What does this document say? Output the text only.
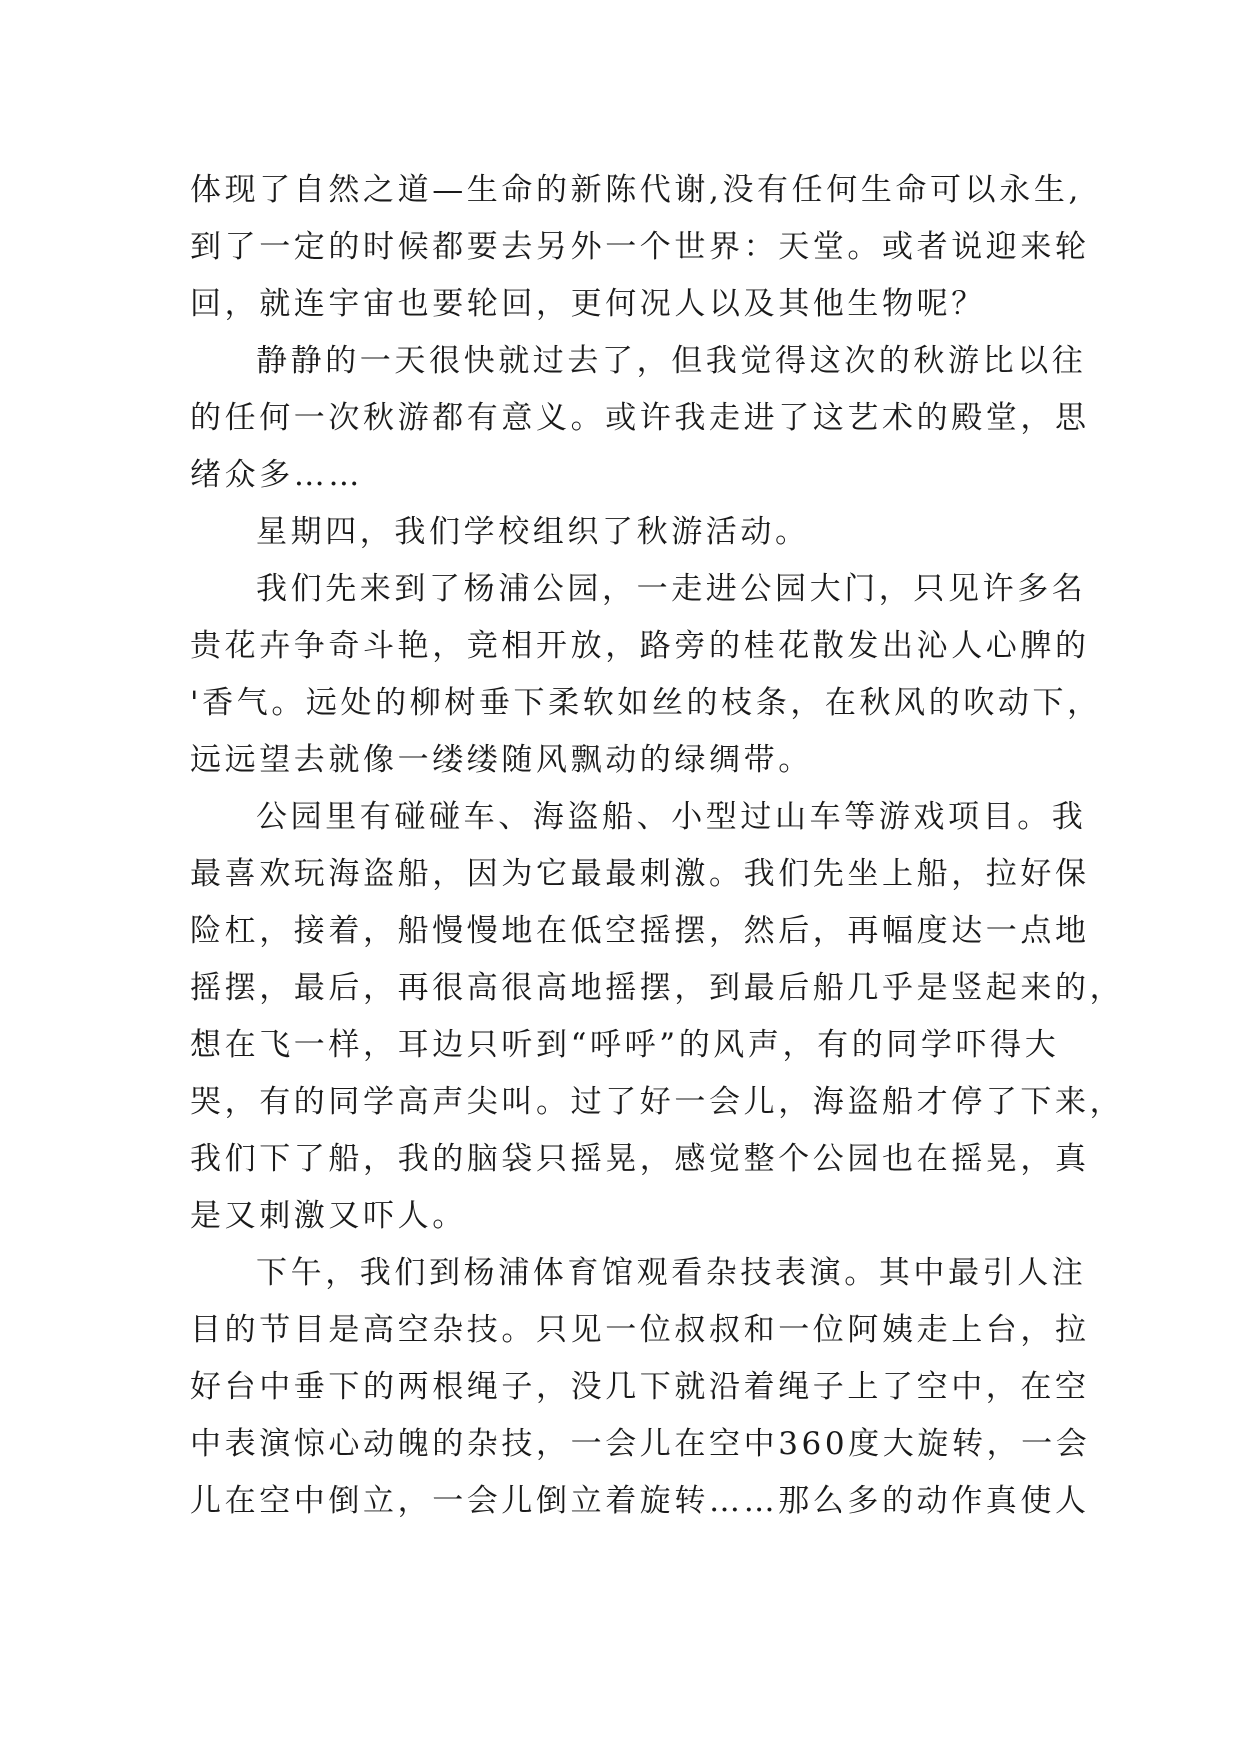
体现了自然之道—生命的新陈代谢,没有任何生命可以永生,
到了一定的时候都要去另外一个世界：天堂。或者说迎来轮
回，就连宇宙也要轮回，更何况人以及其他生物呢？
静静的一天很快就过去了，但我觉得这次的秋游比以往
的任何一次秋游都有意义。或许我走进了这艺术的殿堂，思
绪众多……
星期四，我们学校组织了秋游活动。
我们先来到了杨浦公园，一走进公园大门，只见许多名
贵花卉争奇斗艳，竞相开放，路旁的桂花散发出沁人心脾的
'香气。远处的柳树垂下柔软如丝的枝条，在秋风的吹动下，
远远望去就像一缕缕随风飘动的绿绸带。
公园里有碰碰车、海盗船、小型过山车等游戏项目。我
最喜欢玩海盗船，因为它最最刺激。我们先坐上船，拉好保
险杠，接着，船慢慢地在低空摇摆，然后，再幅度达一点地
摇摆，最后，再很高很高地摇摆，到最后船几乎是竖起来的，
想在飞一样，耳边只听到“呼呼”的风声，有的同学吓得大
哭，有的同学高声尖叫。过了好一会儿，海盗船才停了下来，
我们下了船，我的脑袋只摇晃，感觉整个公园也在摇晃，真
是又刺激又吓人。
下午，我们到杨浦体育馆观看杂技表演。其中最引人注
目的节目是高空杂技。只见一位叔叔和一位阿姨走上台，拉
好台中垂下的两根绳子，没几下就沿着绳子上了空中，在空
中表演惊心动魄的杂技，一会儿在空中360度大旋转，一会
儿在空中倒立，一会儿倒立着旋转……那么多的动作真使人
